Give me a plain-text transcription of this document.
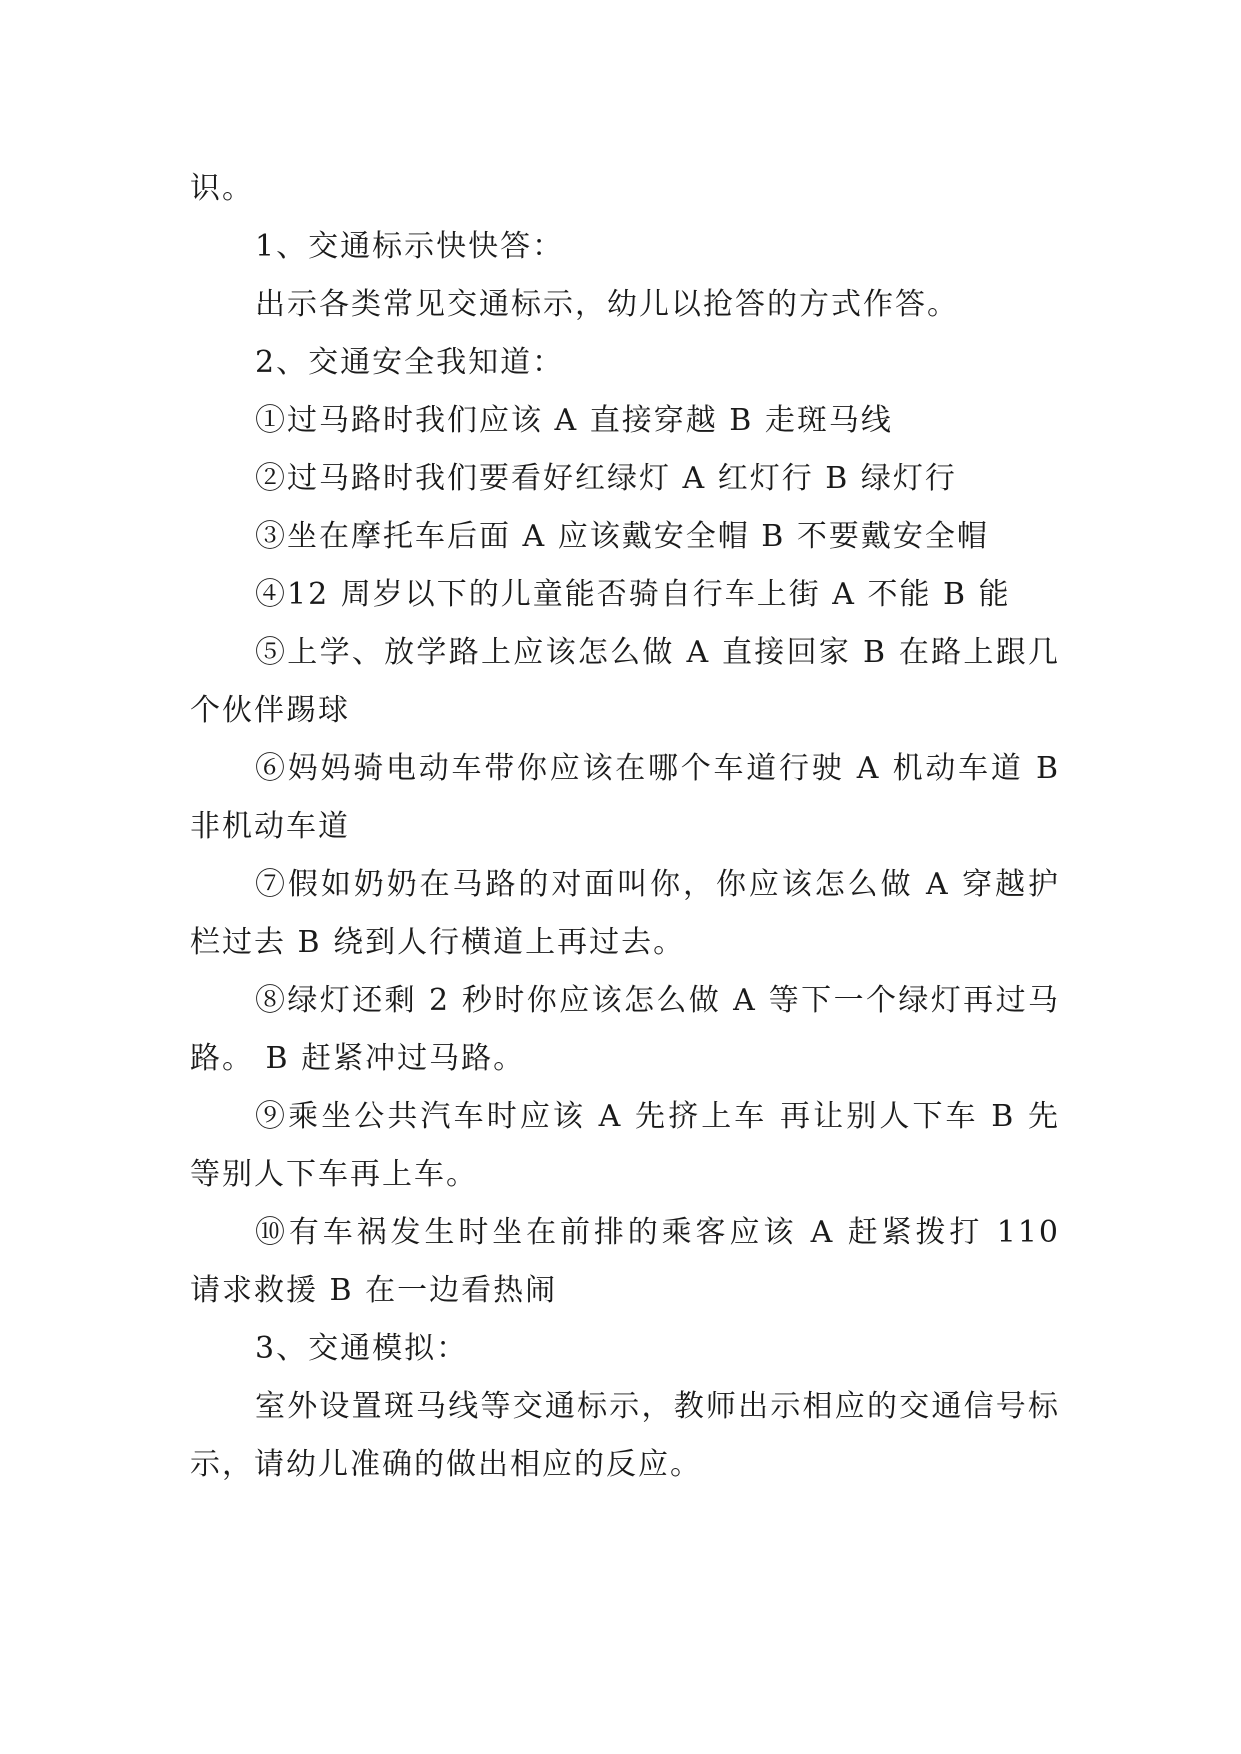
识。

1、交通标示快快答：

出示各类常见交通标示，幼儿以抢答的方式作答。

2、交通安全我知道：

①过马路时我们应该 A 直接穿越 B 走斑马线

②过马路时我们要看好红绿灯 A 红灯行 B 绿灯行

③坐在摩托车后面 A 应该戴安全帽 B 不要戴安全帽

④12 周岁以下的儿童能否骑自行车上街 A 不能 B 能

⑤上学、放学路上应该怎么做 A 直接回家 B 在路上跟几个伙伴踢球

⑥妈妈骑电动车带你应该在哪个车道行驶 A 机动车道 B 非机动车道

⑦假如奶奶在马路的对面叫你，你应该怎么做 A 穿越护栏过去 B 绕到人行横道上再过去。

⑧绿灯还剩 2 秒时你应该怎么做 A 等下一个绿灯再过马路。 B 赶紧冲过马路。

⑨乘坐公共汽车时应该 A 先挤上车 再让别人下车 B 先等别人下车再上车。

⑩有车祸发生时坐在前排的乘客应该 A 赶紧拨打 110 请求救援 B 在一边看热闹

3、交通模拟：

室外设置斑马线等交通标示，教师出示相应的交通信号标示，请幼儿准确的做出相应的反应。
